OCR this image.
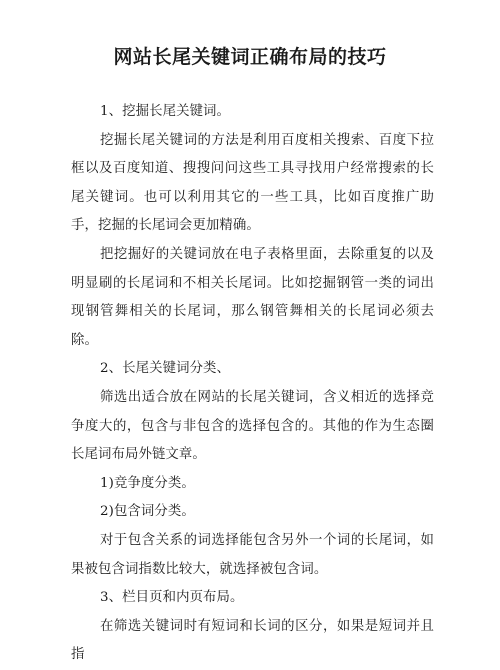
网站长尾关键词正确布局的技巧

1、挖掘长尾关键词。

挖掘长尾关键词的方法是利用百度相关搜索、百度下拉框以及百度知道、搜搜问问这些工具寻找用户经常搜索的长尾关键词。也可以利用其它的一些工具，比如百度推广助手，挖掘的长尾词会更加精确。

把挖掘好的关键词放在电子表格里面，去除重复的以及明显刷的长尾词和不相关长尾词。比如挖掘钢管一类的词出现钢管舞相关的长尾词，那么钢管舞相关的长尾词必须去除。

2、长尾关键词分类、

筛选出适合放在网站的长尾关键词，含义相近的选择竞争度大的，包含与非包含的选择包含的。其他的作为生态圈长尾词布局外链文章。

1)竞争度分类。

2)包含词分类。

对于包含关系的词选择能包含另外一个词的长尾词，如果被包含词指数比较大，就选择被包含词。

3、栏目页和内页布局。

在筛选关键词时有短词和长词的区分，如果是短词并且指
